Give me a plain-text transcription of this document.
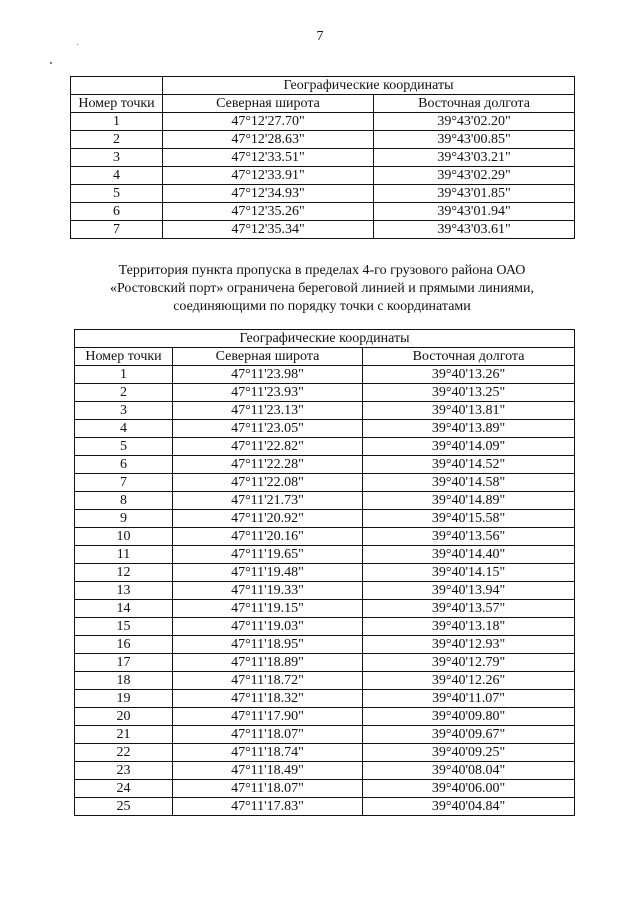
7
	Географические координаты	
Номер точки	Северная широта	Восточная долгота
1	47°12'27.70"	39°43'02.20"
2	47°12'28.63"	39°43'00.85"
3	47°12'33.51"	39°43'03.21"
4	47°12'33.91"	39°43'02.29"
5	47°12'34.93"	39°43'01.85"
6	47°12'35.26"	39°43'01.94"
7	47°12'35.34"	39°43'03.61"
Территория пункта пропуска в пределах 4-го грузового района ОАО
«Ростовский порт» ограничена береговой линией и прямыми линиями,
соединяющими по порядку точки с координатами
Географические координаты		
Номер точки	Северная широта	Восточная долгота
1	47°11'23.98"	39°40'13.26"
2	47°11'23.93"	39°40'13.25"
3	47°11'23.13"	39°40'13.81"
4	47°11'23.05"	39°40'13.89"
5	47°11'22.82"	39°40'14.09"
6	47°11'22.28"	39°40'14.52"
7	47°11'22.08"	39°40'14.58"
8	47°11'21.73"	39°40'14.89"
9	47°11'20.92"	39°40'15.58"
10	47°11'20.16"	39°40'13.56"
11	47°11'19.65"	39°40'14.40"
12	47°11'19.48"	39°40'14.15"
13	47°11'19.33"	39°40'13.94"
14	47°11'19.15"	39°40'13.57"
15	47°11'19.03"	39°40'13.18"
16	47°11'18.95"	39°40'12.93"
17	47°11'18.89"	39°40'12.79"
18	47°11'18.72"	39°40'12.26"
19	47°11'18.32"	39°40'11.07"
20	47°11'17.90"	39°40'09.80"
21	47°11'18.07"	39°40'09.67"
22	47°11'18.74"	39°40'09.25"
23	47°11'18.49"	39°40'08.04"
24	47°11'18.07"	39°40'06.00"
25	47°11'17.83"	39°40'04.84"
